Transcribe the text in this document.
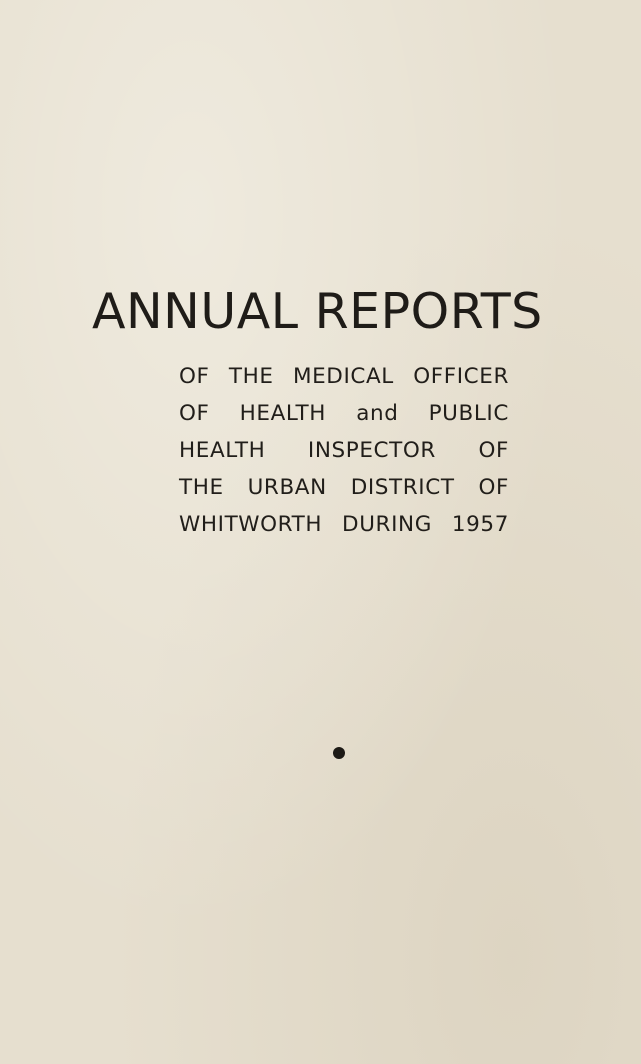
ANNUAL REPORTS
OF THE MEDICAL OFFICER
OF HEALTH and PUBLIC
HEALTH INSPECTOR OF
THE URBAN DISTRICT OF
WHITWORTH DURING 1957
